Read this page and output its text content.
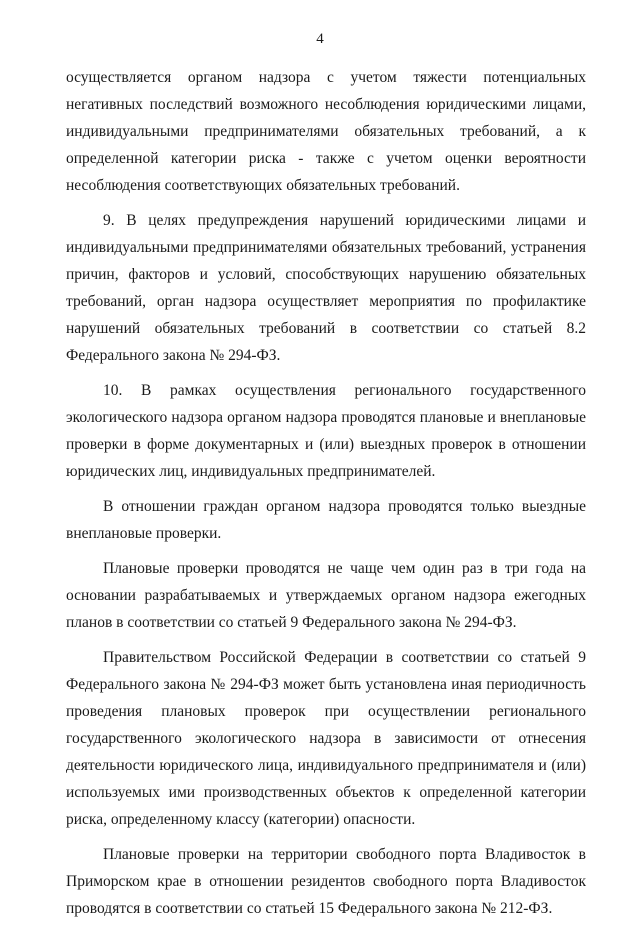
4

осуществляется органом надзора с учетом тяжести потенциальных негативных последствий возможного несоблюдения юридическими лицами, индивидуальными предпринимателями обязательных требований, а к определенной категории риска - также с учетом оценки вероятности несоблюдения соответствующих обязательных требований.

9. В целях предупреждения нарушений юридическими лицами и индивидуальными предпринимателями обязательных требований, устранения причин, факторов и условий, способствующих нарушению обязательных требований, орган надзора осуществляет мероприятия по профилактике нарушений обязательных требований в соответствии со статьей 8.2 Федерального закона № 294-ФЗ.

10. В рамках осуществления регионального государственного экологического надзора органом надзора проводятся плановые и внеплановые проверки в форме документарных и (или) выездных проверок в отношении юридических лиц, индивидуальных предпринимателей.

В отношении граждан органом надзора проводятся только выездные внеплановые проверки.

Плановые проверки проводятся не чаще чем один раз в три года на основании разрабатываемых и утверждаемых органом надзора ежегодных планов в соответствии со статьей 9 Федерального закона № 294-ФЗ.

Правительством Российской Федерации в соответствии со статьей 9 Федерального закона № 294-ФЗ может быть установлена иная периодичность проведения плановых проверок при осуществлении регионального государственного экологического надзора в зависимости от отнесения деятельности юридического лица, индивидуального предпринимателя и (или) используемых ими производственных объектов к определенной категории риска, определенному классу (категории) опасности.

Плановые проверки на территории свободного порта Владивосток в Приморском крае в отношении резидентов свободного порта Владивосток проводятся в соответствии со статьей 15 Федерального закона № 212-ФЗ.
